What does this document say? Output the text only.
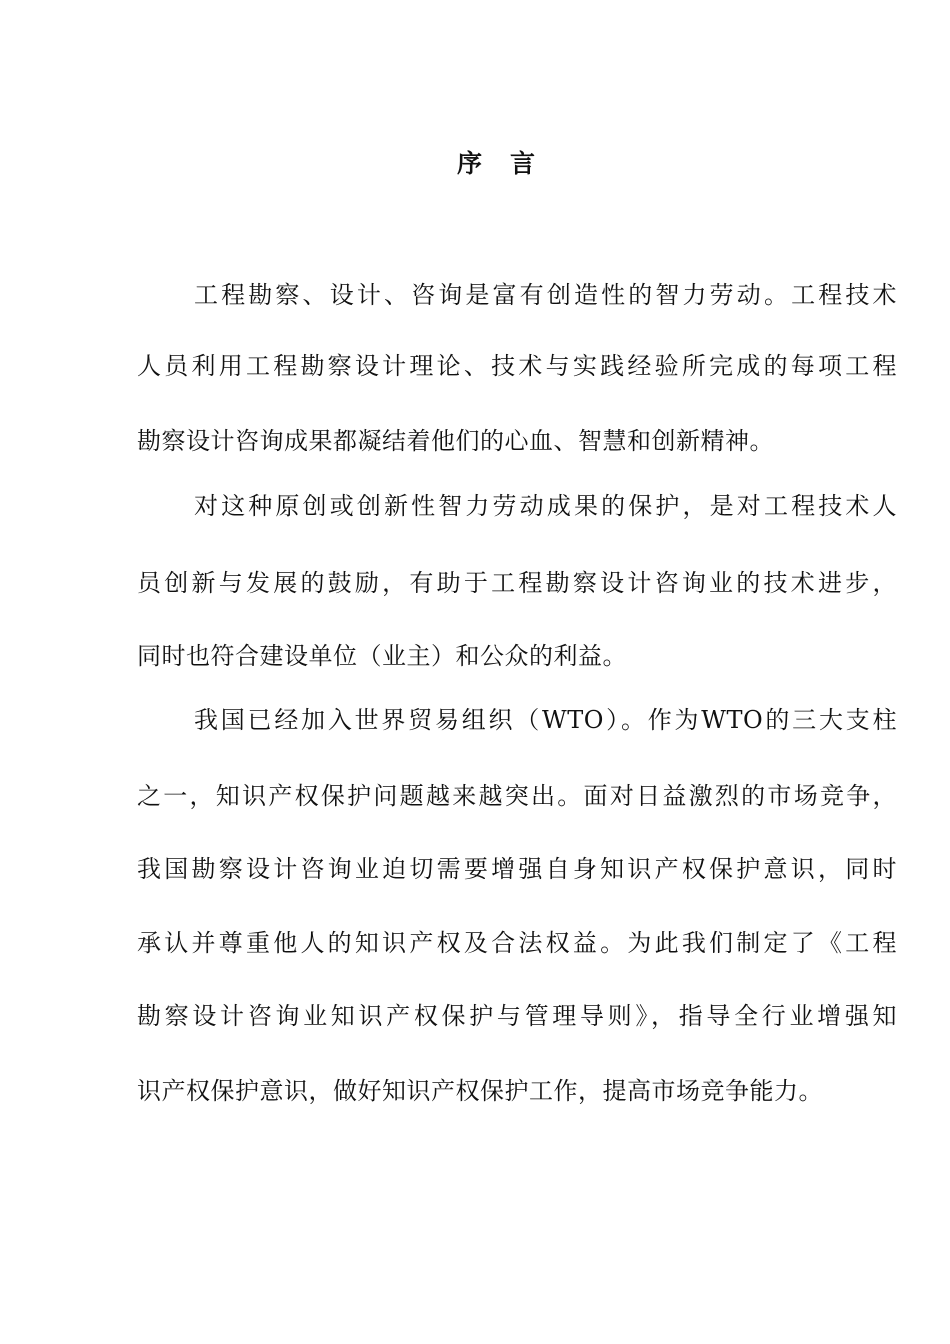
序言
工程勘察、设计、咨询是富有创造性的智力劳动。工程技术
人员利用工程勘察设计理论、技术与实践经验所完成的每项工程
勘察设计咨询成果都凝结着他们的心血、智慧和创新精神。
对这种原创或创新性智力劳动成果的保护，是对工程技术人
员创新与发展的鼓励，有助于工程勘察设计咨询业的技术进步，
同时也符合建设单位（业主）和公众的利益。
我国已经加入世界贸易组织（WTO）。作为WTO的三大支柱
之一，知识产权保护问题越来越突出。面对日益激烈的市场竞争，
我国勘察设计咨询业迫切需要增强自身知识产权保护意识，同时
承认并尊重他人的知识产权及合法权益。为此我们制定了《工程
勘察设计咨询业知识产权保护与管理导则》，指导全行业增强知
识产权保护意识，做好知识产权保护工作，提高市场竞争能力。
